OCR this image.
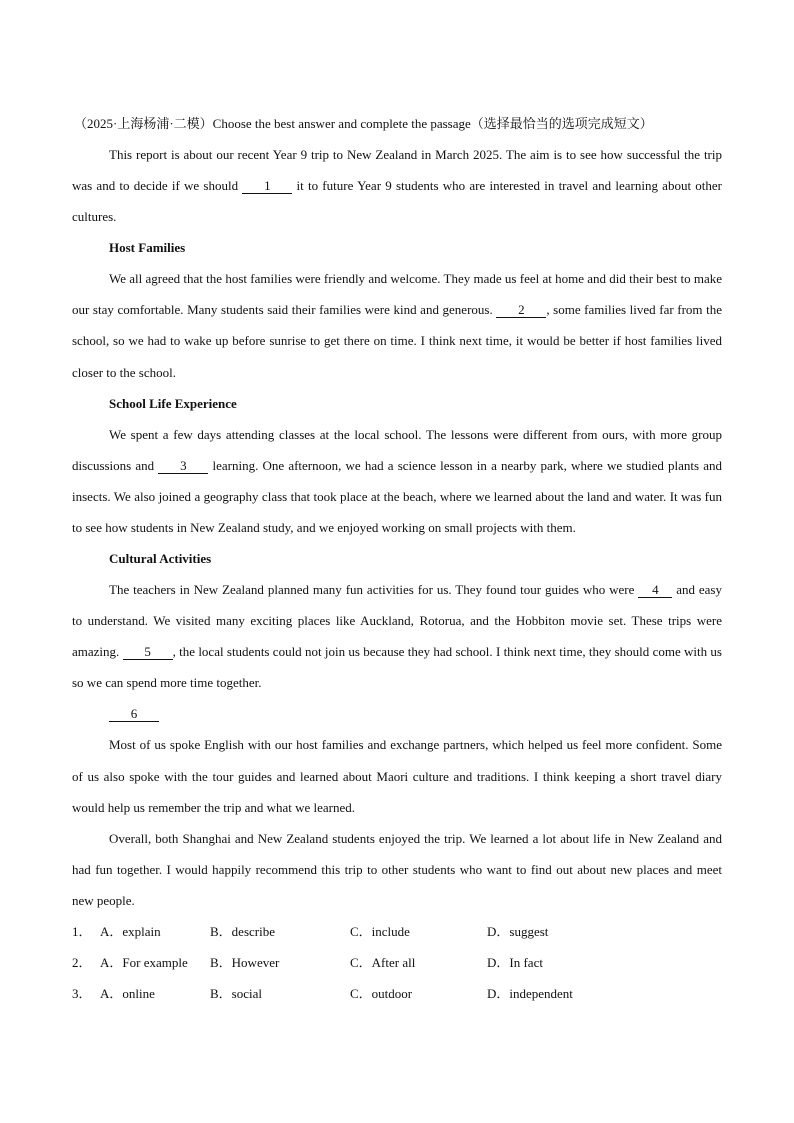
（2025·上海杨浦·二模）Choose the best answer and complete the passage（选择最恰当的选项完成短文）

This report is about our recent Year 9 trip to New Zealand in March 2025. The aim is to see how successful the trip was and to decide if we should 1 it to future Year 9 students who are interested in travel and learning about other cultures.

Host Families

We all agreed that the host families were friendly and welcome. They made us feel at home and did their best to make our stay comfortable. Many students said their families were kind and generous. 2 , some families lived far from the school, so we had to wake up before sunrise to get there on time. I think next time, it would be better if host families lived closer to the school.

School Life Experience

We spent a few days attending classes at the local school. The lessons were different from ours, with more group discussions and 3 learning. One afternoon, we had a science lesson in a nearby park, where we studied plants and insects. We also joined a geography class that took place at the beach, where we learned about the land and water. It was fun to see how students in New Zealand study, and we enjoyed working on small projects with them.

Cultural Activities

The teachers in New Zealand planned many fun activities for us. They found tour guides who were 4 and easy to understand. We visited many exciting places like Auckland, Rotorua, and the Hobbiton movie set. These trips were amazing. 5 , the local students could not join us because they had school. I think next time, they should come with us so we can spend more time together.

6

Most of us spoke English with our host families and exchange partners, which helped us feel more confident. Some of us also spoke with the tour guides and learned about Maori culture and traditions. I think keeping a short travel diary would help us remember the trip and what we learned.

Overall, both Shanghai and New Zealand students enjoyed the trip. We learned a lot about life in New Zealand and had fun together. I would happily recommend this trip to other students who want to find out about new places and meet new people.

1． A．explain	B．describe	C．include	D．suggest
2． A．For example	B．However	C．After all	D．In fact
3． A．online	B．social	C．outdoor	D．independent
